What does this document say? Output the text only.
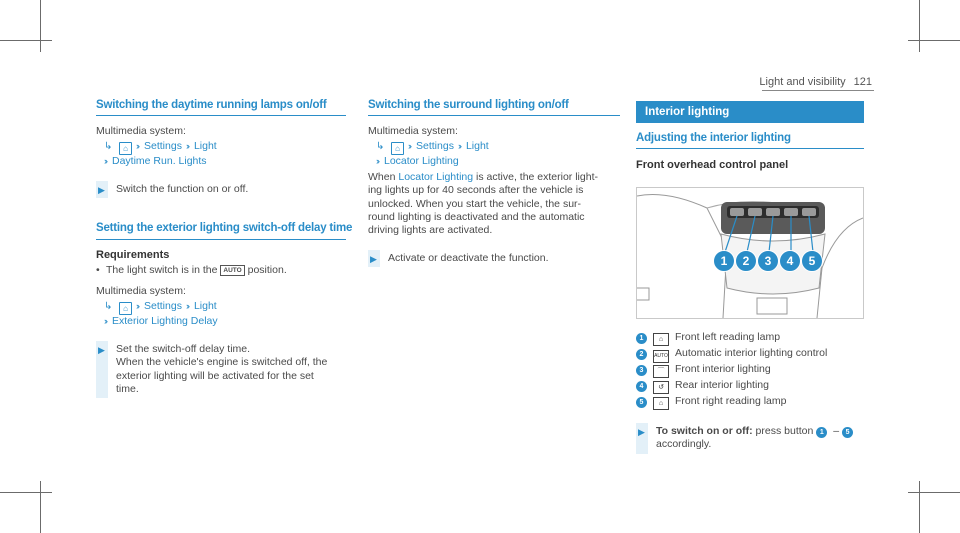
Light and visibility 121
Switching the daytime running lamps on/off

Multimedia system:

↳ ⌂ ›› Settings ›› Light
›› Daytime Run. Lights
▶ Switch the function on or off.
Setting the exterior lighting switch-off delay time
Requirements
• The light switch is in the AUTO position.

Multimedia system:

↳ ⌂ ›› Settings ›› Light
›› Exterior Lighting Delay
▶ Set the switch-off delay time.
When the vehicle's engine is switched off, the
exterior lighting will be activated for the set
time.
Switching the surround lighting on/off

Multimedia system:

↳ ⌂ ›› Settings ›› Light
›› Locator Lighting
When Locator Lighting is active, the exterior light-
ing lights up for 40 seconds after the vehicle is
unlocked. When you start the vehicle, the sur-
round lighting is deactivated and the automatic
driving lights are activated.
▶ Activate or deactivate the function.
Interior lighting
Adjusting the interior lighting
Front overhead control panel
1	2	3	4	5
1 ⌂ Front left reading lamp
2 AUTO Automatic interior lighting control
3 ⌒ Front interior lighting
4 ↺ Rear interior lighting
5 ⌂ Front right reading lamp
▶ To switch on or off: press button 1 – 5
accordingly.
